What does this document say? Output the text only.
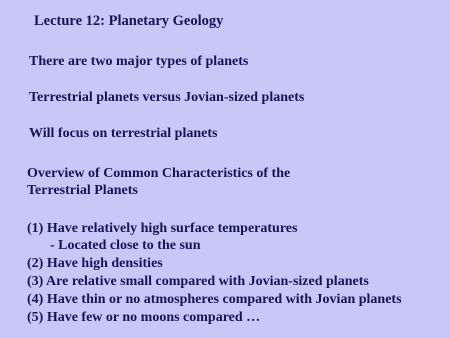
Lecture 12: Planetary Geology
There are two major types of planets
Terrestrial planets versus Jovian-sized planets
Will focus on terrestrial planets
Overview of Common Characteristics of the
Terrestrial Planets
(1) Have relatively high surface temperatures
- Located close to the sun
(2) Have high densities
(3) Are relative small compared with Jovian-sized planets
(4) Have thin or no atmospheres compared with Jovian planets
(5) Have few or no moons compared …
